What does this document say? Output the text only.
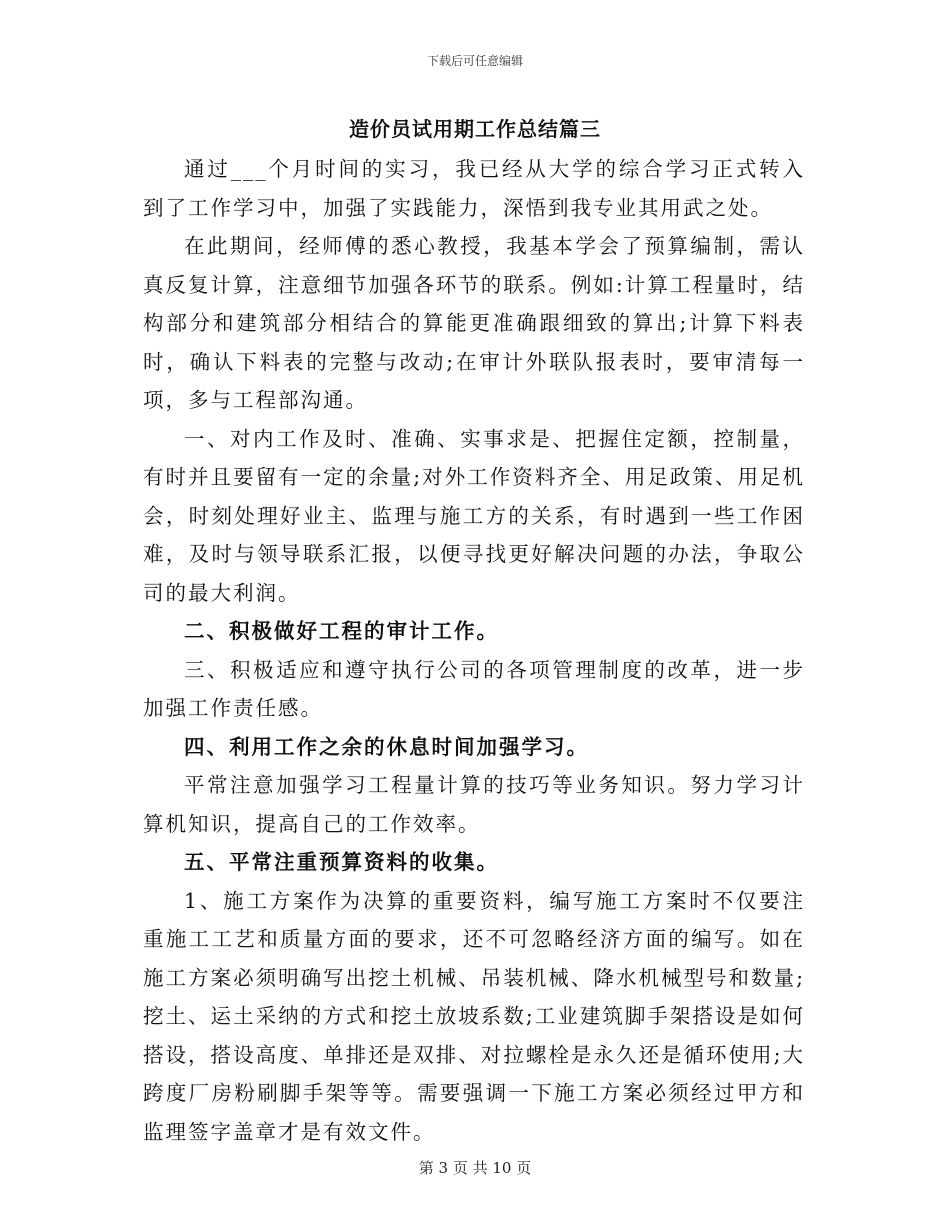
下载后可任意编辑
造价员试用期工作总结篇三

通过___个月时间的实习，我已经从大学的综合学习正式转入到了工作学习中，加强了实践能力，深悟到我专业其用武之处。

在此期间，经师傅的悉心教授，我基本学会了预算编制，需认真反复计算，注意细节加强各环节的联系。例如:计算工程量时，结构部分和建筑部分相结合的算能更准确跟细致的算出;计算下料表时，确认下料表的完整与改动;在审计外联队报表时，要审清每一项，多与工程部沟通。

一、对内工作及时、准确、实事求是、把握住定额，控制量，有时并且要留有一定的余量;对外工作资料齐全、用足政策、用足机会，时刻处理好业主、监理与施工方的关系，有时遇到一些工作困难，及时与领导联系汇报，以便寻找更好解决问题的办法，争取公司的最大利润。

二、积极做好工程的审计工作。

三、积极适应和遵守执行公司的各项管理制度的改革，进一步加强工作责任感。

四、利用工作之余的休息时间加强学习。

平常注意加强学习工程量计算的技巧等业务知识。努力学习计算机知识，提高自己的工作效率。

五、平常注重预算资料的收集。

1、施工方案作为决算的重要资料，编写施工方案时不仅要注重施工工艺和质量方面的要求，还不可忽略经济方面的编写。如在施工方案必须明确写出挖土机械、吊装机械、降水机械型号和数量;挖土、运土采纳的方式和挖土放坡系数;工业建筑脚手架搭设是如何搭设，搭设高度、单排还是双排、对拉螺栓是永久还是循环使用;大跨度厂房粉刷脚手架等等。需要强调一下施工方案必须经过甲方和监理签字盖章才是有效文件。

第 3 页 共 10 页
